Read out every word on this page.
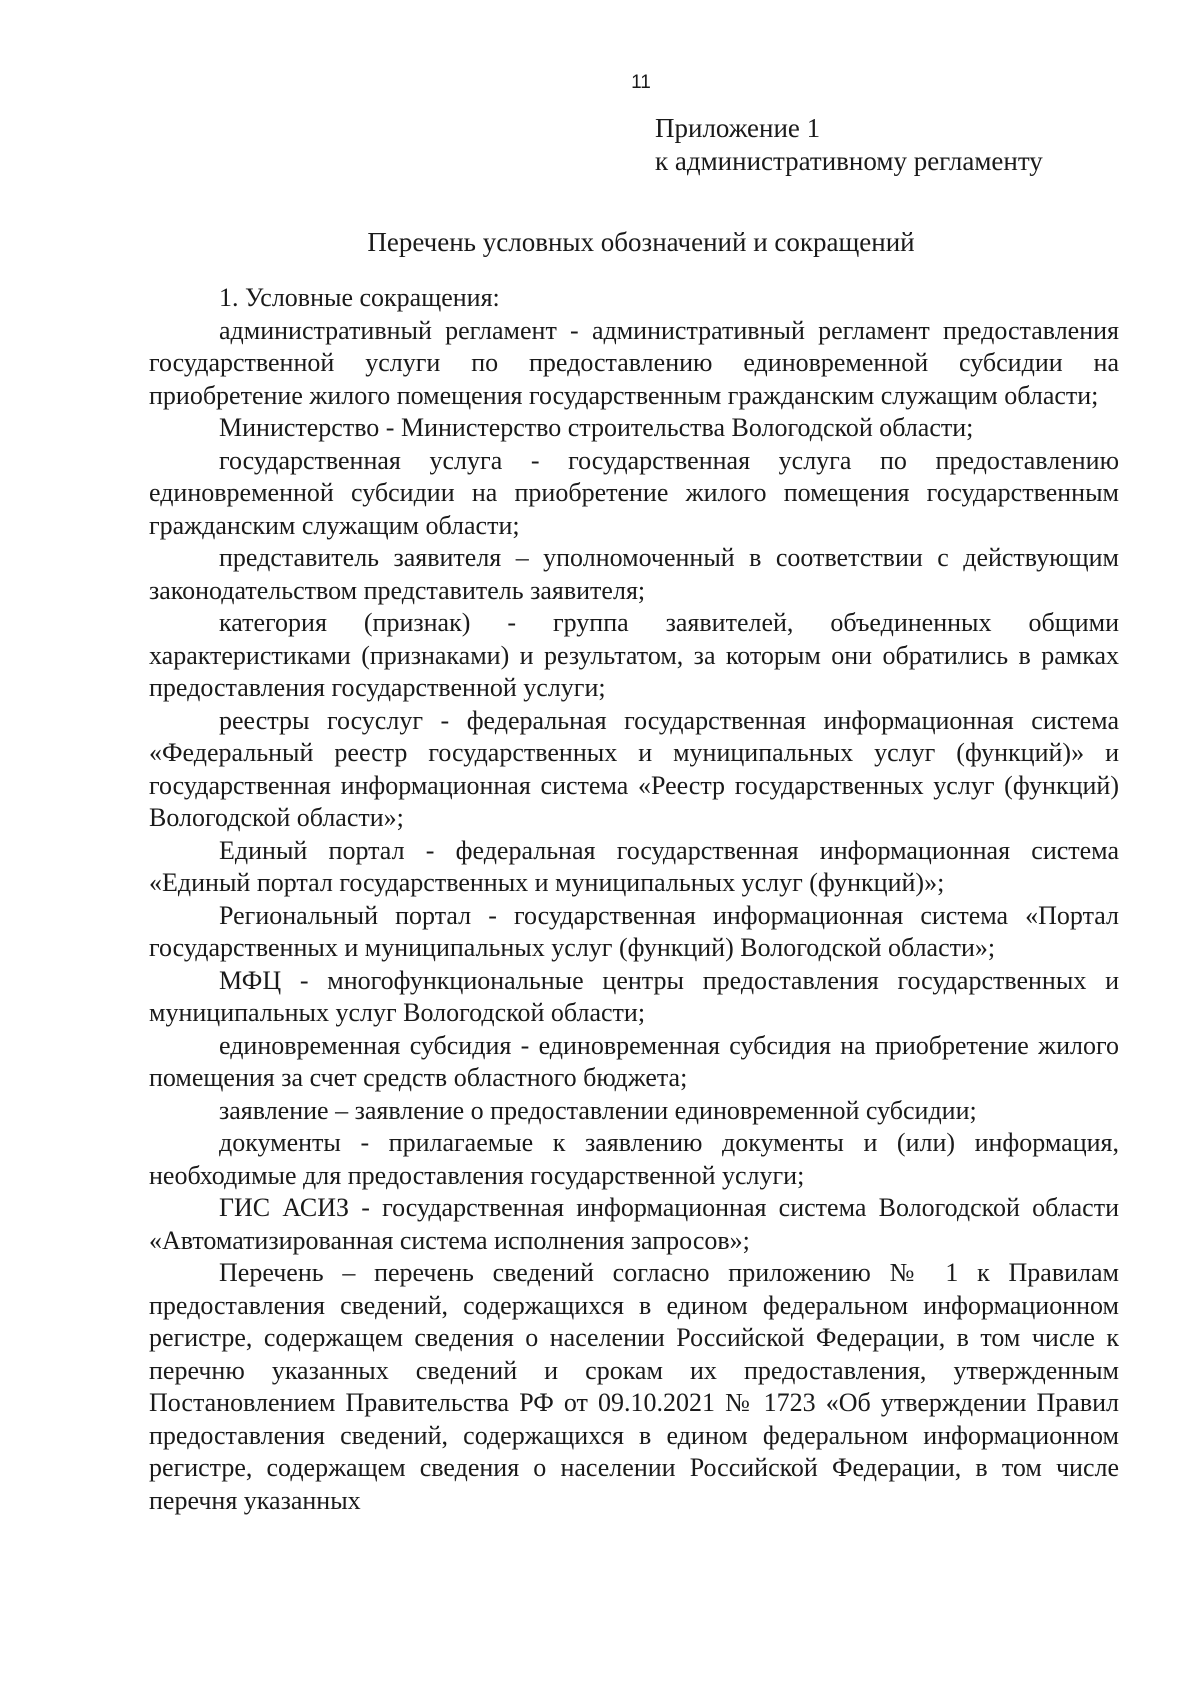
11
Приложение 1
к административному регламенту
Перечень условных обозначений и сокращений

1. Условные сокращения:

административный регламент - административный регламент предоставления государственной услуги по предоставлению единовременной субсидии на приобретение жилого помещения государственным гражданским служащим области;

Министерство - Министерство строительства Вологодской области;

государственная услуга - государственная услуга по предоставлению единовременной субсидии на приобретение жилого помещения государственным гражданским служащим области;

представитель заявителя – уполномоченный в соответствии с действующим законодательством представитель заявителя;

категория (признак) - группа заявителей, объединенных общими характеристиками (признаками) и результатом, за которым они обратились в рамках предоставления государственной услуги;

реестры госуслуг - федеральная государственная информационная система «Федеральный реестр государственных и муниципальных услуг (функций)» и государственная информационная система «Реестр государственных услуг (функций) Вологодской области»;

Единый портал - федеральная государственная информационная система «Единый портал государственных и муниципальных услуг (функций)»;

Региональный портал - государственная информационная система «Портал государственных и муниципальных услуг (функций) Вологодской области»;

МФЦ - многофункциональные центры предоставления государственных и муниципальных услуг Вологодской области;

единовременная субсидия - единовременная субсидия на приобретение жилого помещения за счет средств областного бюджета;

заявление – заявление о предоставлении единовременной субсидии;

документы - прилагаемые к заявлению документы и (или) информация, необходимые для предоставления государственной услуги;

ГИС АСИЗ - государственная информационная система Вологодской области «Автоматизированная система исполнения запросов»;

Перечень – перечень сведений согласно приложению № 1 к Правилам предоставления сведений, содержащихся в едином федеральном информационном регистре, содержащем сведения о населении Российской Федерации, в том числе к перечню указанных сведений и срокам их предоставления, утвержденным Постановлением Правительства РФ от 09.10.2021 № 1723 «Об утверждении Правил предоставления сведений, содержащихся в едином федеральном информационном регистре, содержащем сведения о населении Российской Федерации, в том числе перечня указанных
